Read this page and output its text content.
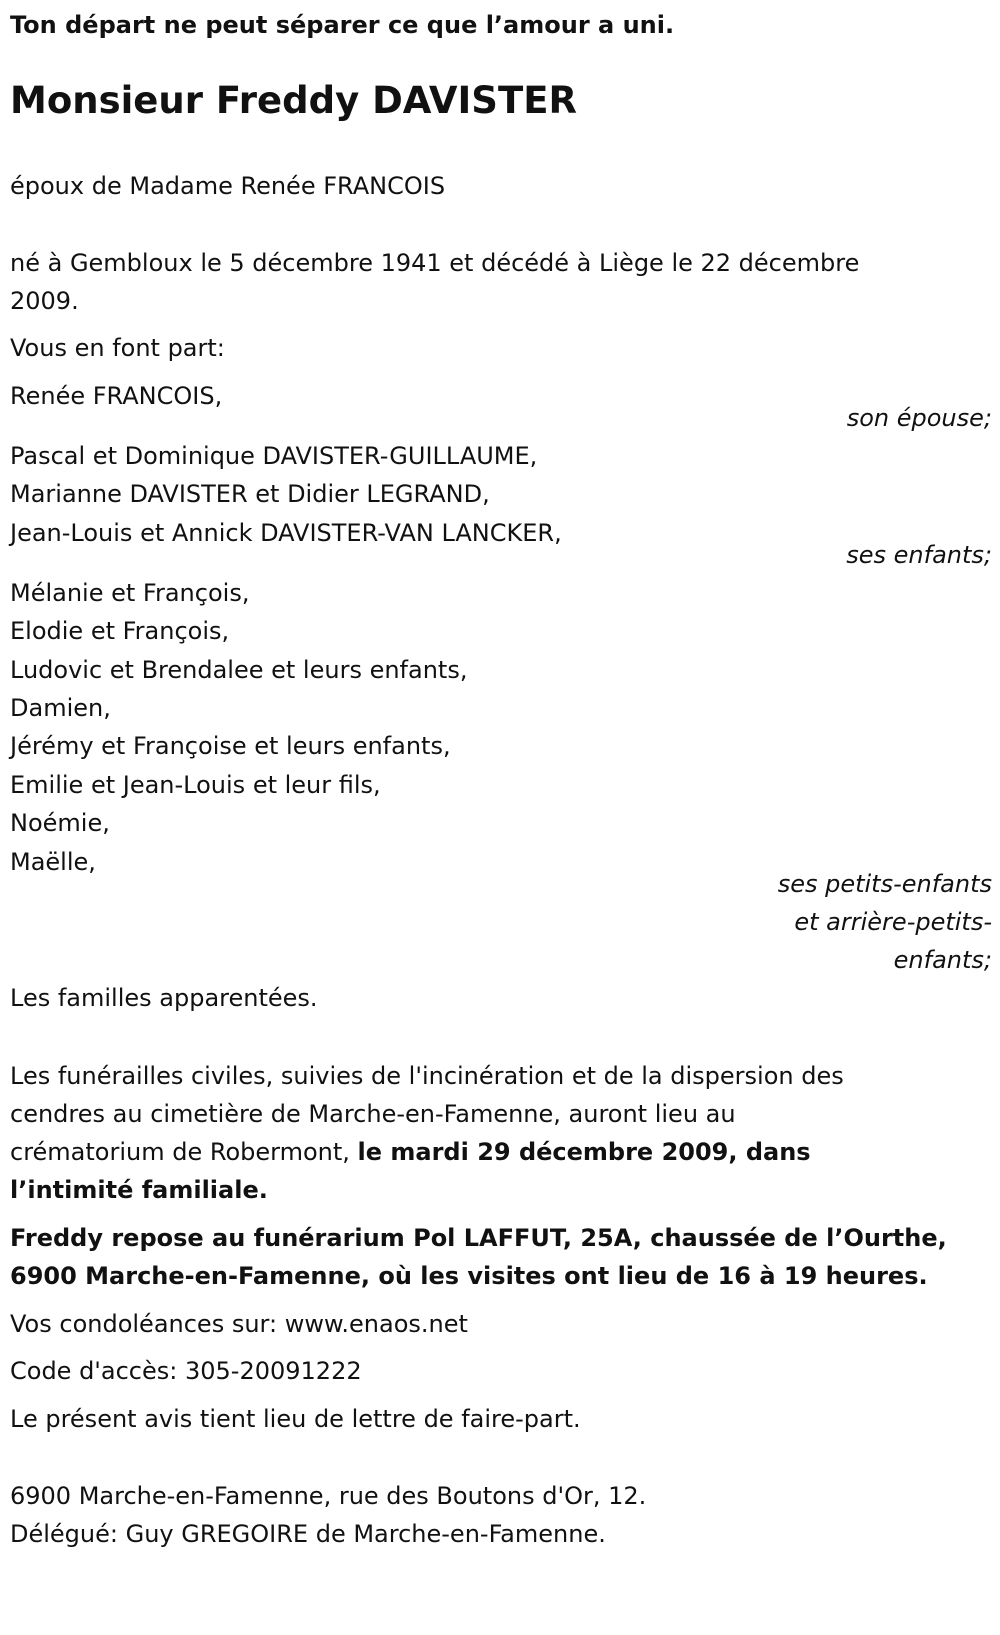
Ton départ ne peut séparer ce que l’amour a uni.
Monsieur Freddy DAVISTER
époux de Madame Renée FRANCOIS
né à Gembloux le 5 décembre 1941 et décédé à Liège le 22 décembre
2009.
Vous en font part:
Renée FRANCOIS,
son épouse;
Pascal et Dominique DAVISTER-GUILLAUME,
Marianne DAVISTER et Didier LEGRAND,
Jean-Louis et Annick DAVISTER-VAN LANCKER,
ses enfants;
Mélanie et François,
Elodie et François,
Ludovic et Brendalee et leurs enfants,
Damien,
Jérémy et Françoise et leurs enfants,
Emilie et Jean-Louis et leur fils,
Noémie,
Maëlle,
ses petits-enfants
et arrière-petits-
enfants;
Les familles apparentées.
Les funérailles civiles, suivies de l'incinération et de la dispersion des
cendres au cimetière de Marche-en-Famenne, auront lieu au
crématorium de Robermont, le mardi 29 décembre 2009, dans
l’intimité familiale.
Freddy repose au funérarium Pol LAFFUT, 25A, chaussée de l’Ourthe,
6900 Marche-en-Famenne, où les visites ont lieu de 16 à 19 heures.
Vos condoléances sur: www.enaos.net
Code d'accès: 305-20091222
Le présent avis tient lieu de lettre de faire-part.
6900 Marche-en-Famenne, rue des Boutons d'Or, 12.
Délégué: Guy GREGOIRE de Marche-en-Famenne.
